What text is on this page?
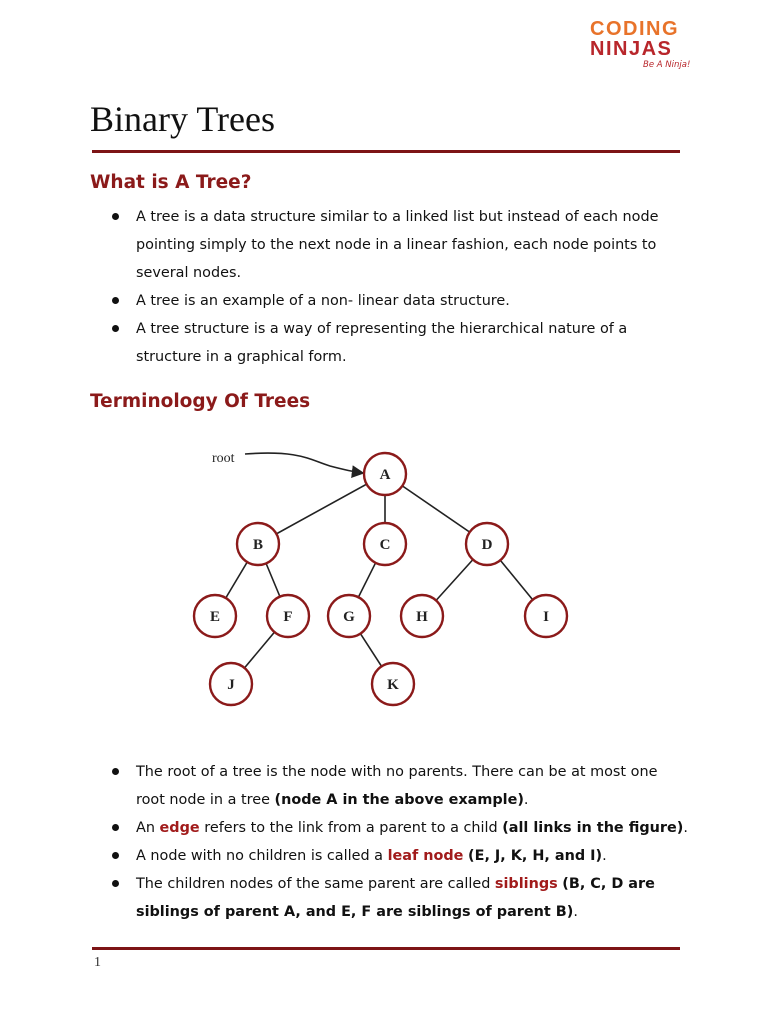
CODING
NINJAS
Be A Ninja!
Binary Trees
What is A Tree?
A tree is a data structure similar to a linked list but instead of each node pointing simply to the next node in a linear fashion, each node points to several nodes.
A tree is an example of a non- linear data structure.
A tree structure is a way of representing the hierarchical nature of a structure in a graphical form.
Terminology Of Trees
root
A
B	C	D
E	F	G	H	I
J	K
The root of a tree is the node with no parents. There can be at most one root node in a tree (node A in the above example).
An edge refers to the link from a parent to a child (all links in the figure).
A node with no children is called a leaf node (E, J, K, H, and I).
The children nodes of the same parent are called siblings (B, C, D are siblings of parent A, and E, F are siblings of parent B).

1
